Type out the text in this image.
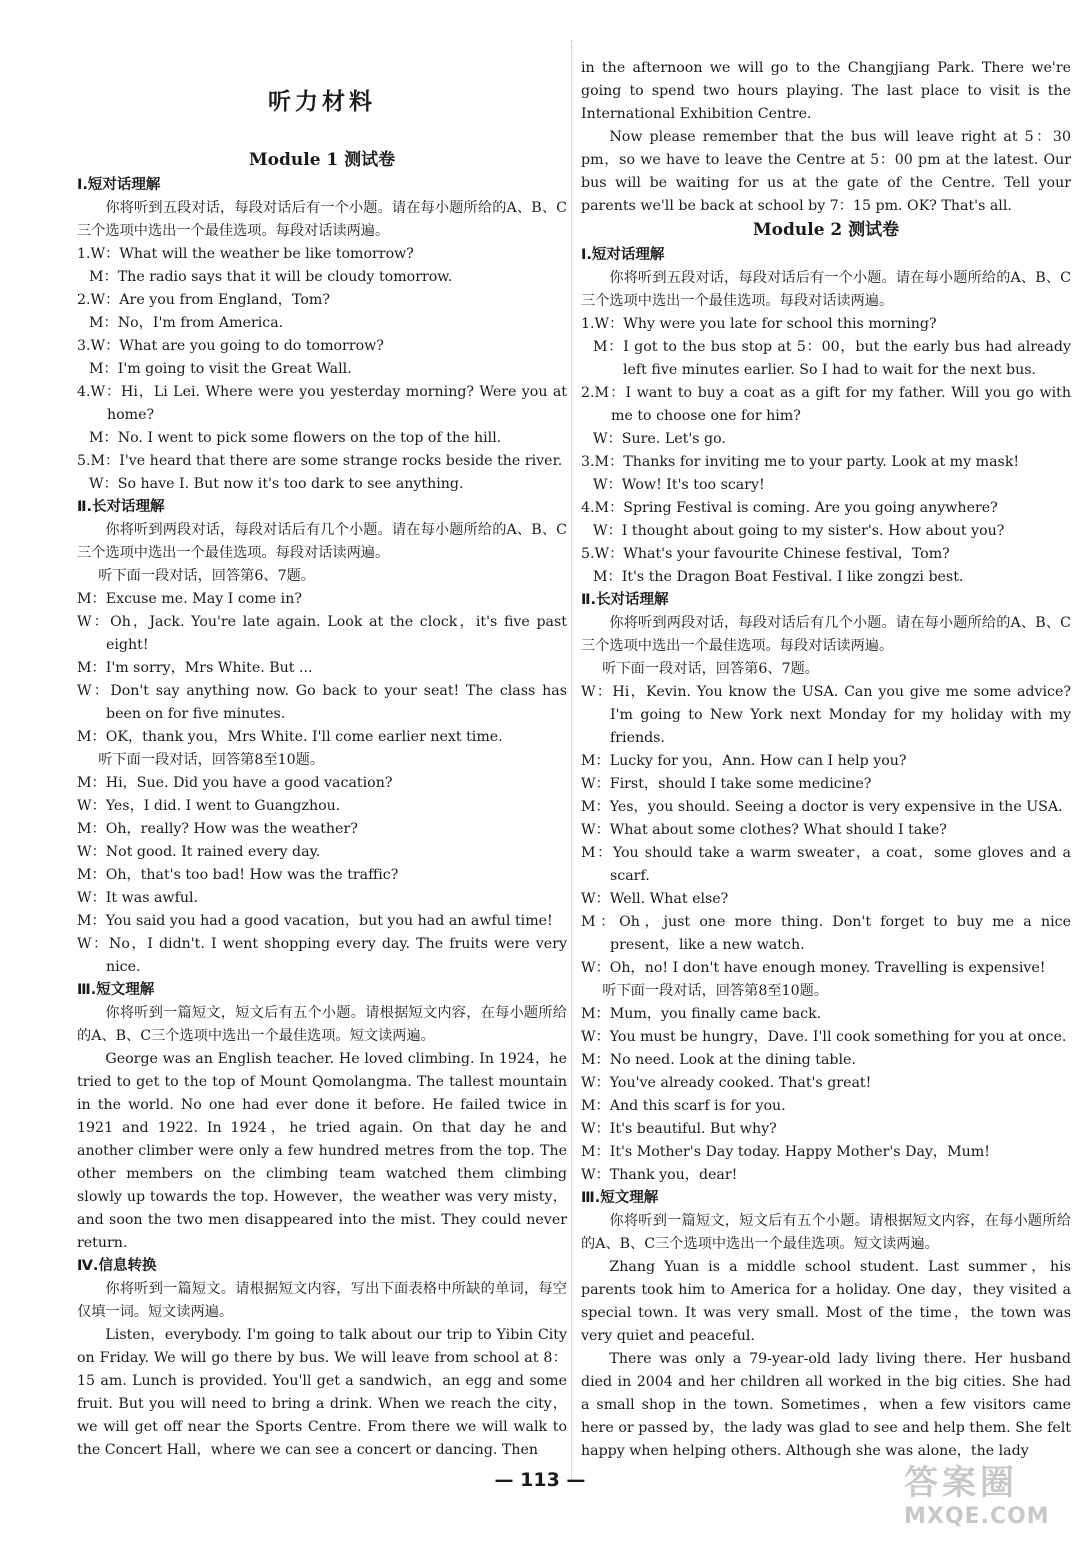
听力材料
Module 1 测试卷
Ⅰ.短对话理解
你将听到五段对话，每段对话后有一个小题。请在每小题所给的A、B、C三个选项中选出一个最佳选项。每段对话读两遍。
1.W：What will the weather be like tomorrow?
M：The radio says that it will be cloudy tomorrow.
2.W：Are you from England，Tom?
M：No，I'm from America.
3.W：What are you going to do tomorrow?
M：I'm going to visit the Great Wall.
4.W：Hi，Li Lei. Where were you yesterday morning? Were you at home?
M：No. I went to pick some flowers on the top of the hill.
5.M：I've heard that there are some strange rocks beside the river.
W：So have I. But now it's too dark to see anything.
Ⅱ.长对话理解
你将听到两段对话，每段对话后有几个小题。请在每小题所给的A、B、C三个选项中选出一个最佳选项。每段对话读两遍。
听下面一段对话，回答第6、7题。
M：Excuse me. May I come in?
W：Oh，Jack. You're late again. Look at the clock，it's five past eight!
M：I'm sorry，Mrs White. But ...
W：Don't say anything now. Go back to your seat! The class has been on for five minutes.
M：OK，thank you，Mrs White. I'll come earlier next time.
听下面一段对话，回答第8至10题。
M：Hi，Sue. Did you have a good vacation?
W：Yes，I did. I went to Guangzhou.
M：Oh，really? How was the weather?
W：Not good. It rained every day.
M：Oh，that's too bad! How was the traffic?
W：It was awful.
M：You said you had a good vacation，but you had an awful time!
W：No，I didn't. I went shopping every day. The fruits were very nice.
Ⅲ.短文理解
你将听到一篇短文，短文后有五个小题。请根据短文内容，在每小题所给的A、B、C三个选项中选出一个最佳选项。短文读两遍。
George was an English teacher. He loved climbing. In 1924，he tried to get to the top of Mount Qomolangma. The tallest mountain in the world. No one had ever done it before. He failed twice in 1921 and 1922. In 1924，he tried again. On that day he and another climber were only a few hundred metres from the top. The other members on the climbing team watched them climbing slowly up towards the top. However，the weather was very misty，and soon the two men disappeared into the mist. They could never return.
Ⅳ.信息转换
你将听到一篇短文。请根据短文内容，写出下面表格中所缺的单词，每空仅填一词。短文读两遍。
Listen，everybody. I'm going to talk about our trip to Yibin City on Friday. We will go there by bus. We will leave from school at 8：15 am. Lunch is provided. You'll get a sandwich，an egg and some fruit. But you will need to bring a drink. When we reach the city，we will get off near the Sports Centre. From there we will walk to the Concert Hall，where we can see a concert or dancing. Then
in the afternoon we will go to the Changjiang Park. There we're going to spend two hours playing. The last place to visit is the International Exhibition Centre.
Now please remember that the bus will leave right at 5：30 pm，so we have to leave the Centre at 5：00 pm at the latest. Our bus will be waiting for us at the gate of the Centre. Tell your parents we'll be back at school by 7：15 pm. OK? That's all.
Module 2 测试卷
Ⅰ.短对话理解
你将听到五段对话，每段对话后有一个小题。请在每小题所给的A、B、C三个选项中选出一个最佳选项。每段对话读两遍。
1.W：Why were you late for school this morning?
M：I got to the bus stop at 5：00，but the early bus had already left five minutes earlier. So I had to wait for the next bus.
2.M：I want to buy a coat as a gift for my father. Will you go with me to choose one for him?
W：Sure. Let's go.
3.M：Thanks for inviting me to your party. Look at my mask!
W：Wow! It's too scary!
4.M：Spring Festival is coming. Are you going anywhere?
W：I thought about going to my sister's. How about you?
5.W：What's your favourite Chinese festival，Tom?
M：It's the Dragon Boat Festival. I like zongzi best.
Ⅱ.长对话理解
你将听到两段对话，每段对话后有几个小题。请在每小题所给的A、B、C三个选项中选出一个最佳选项。每段对话读两遍。
听下面一段对话，回答第6、7题。
W：Hi，Kevin. You know the USA. Can you give me some advice? I'm going to New York next Monday for my holiday with my friends.
M：Lucky for you，Ann. How can I help you?
W：First，should I take some medicine?
M：Yes，you should. Seeing a doctor is very expensive in the USA.
W：What about some clothes? What should I take?
M：You should take a warm sweater，a coat，some gloves and a scarf.
W：Well. What else?
M：Oh，just one more thing. Don't forget to buy me a nice present，like a new watch.
W：Oh，no! I don't have enough money. Travelling is expensive!
听下面一段对话，回答第8至10题。
M：Mum，you finally came back.
W：You must be hungry，Dave. I'll cook something for you at once.
M：No need. Look at the dining table.
W：You've already cooked. That's great!
M：And this scarf is for you.
W：It's beautiful. But why?
M：It's Mother's Day today. Happy Mother's Day，Mum!
W：Thank you，dear!
Ⅲ.短文理解
你将听到一篇短文，短文后有五个小题。请根据短文内容，在每小题所给的A、B、C三个选项中选出一个最佳选项。短文读两遍。
Zhang Yuan is a middle school student. Last summer，his parents took him to America for a holiday. One day，they visited a special town. It was very small. Most of the time，the town was very quiet and peaceful.
There was only a 79-year-old lady living there. Her husband died in 2004 and her children all worked in the big cities. She had a small shop in the town. Sometimes，when a few visitors came here or passed by，the lady was glad to see and help them. She felt happy when helping others. Although she was alone，the lady
— 113 —	答案圈
MXQE.COM
